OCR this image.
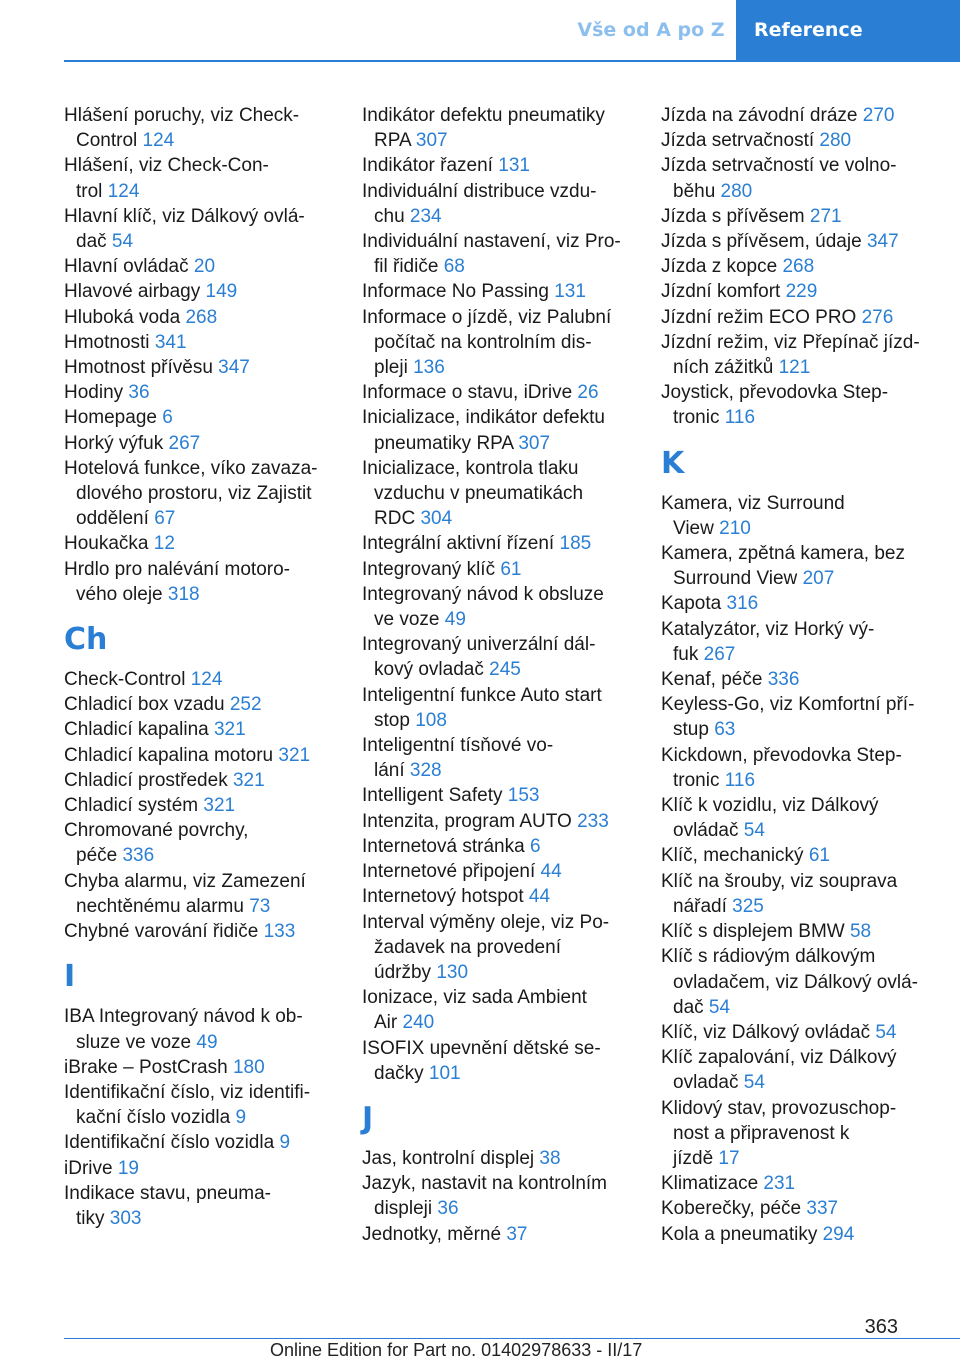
Vše od A po Z	Reference
Hlášení poruchy, viz Check-
Control 124
Hlášení, viz Check-Con-
trol 124
Hlavní klíč, viz Dálkový ovlá-
dač 54
Hlavní ovládač 20
Hlavové airbagy 149
Hluboká voda 268
Hmotnosti 341
Hmotnost přívěsu 347
Hodiny 36
Homepage 6
Horký výfuk 267
Hotelová funkce, víko zavaza-
dlového prostoru, viz Zajistit
oddělení 67
Houkačka 12
Hrdlo pro nalévání motoro-
vého oleje 318
Ch
Check-Control 124
Chladicí box vzadu 252
Chladicí kapalina 321
Chladicí kapalina motoru 321
Chladicí prostředek 321
Chladicí systém 321
Chromované povrchy,
péče 336
Chyba alarmu, viz Zamezení
nechtěnému alarmu 73
Chybné varování řidiče 133
I
IBA Integrovaný návod k ob-
sluze ve voze 49
iBrake – PostCrash 180
Identifikační číslo, viz identifi-
kační číslo vozidla 9
Identifikační číslo vozidla 9
iDrive 19
Indikace stavu, pneuma-
tiky 303
Indikátor defektu pneumatiky
RPA 307
Indikátor řazení 131
Individuální distribuce vzdu-
chu 234
Individuální nastavení, viz Pro-
fil řidiče 68
Informace No Passing 131
Informace o jízdě, viz Palubní
počítač na kontrolním dis-
pleji 136
Informace o stavu, iDrive 26
Inicializace, indikátor defektu
pneumatiky RPA 307
Inicializace, kontrola tlaku
vzduchu v pneumatikách
RDC 304
Integrální aktivní řízení 185
Integrovaný klíč 61
Integrovaný návod k obsluze
ve voze 49
Integrovaný univerzální dál-
kový ovladač 245
Inteligentní funkce Auto start
stop 108
Inteligentní tísňové vo-
lání 328
Intelligent Safety 153
Intenzita, program AUTO 233
Internetová stránka 6
Internetové připojení 44
Internetový hotspot 44
Interval výměny oleje, viz Po-
žadavek na provedení
údržby 130
Ionizace, viz sada Ambient
Air 240
ISOFIX upevnění dětské se-
dačky 101
J
Jas, kontrolní displej 38
Jazyk, nastavit na kontrolním
displeji 36
Jednotky, měrné 37
Jízda na závodní dráze 270
Jízda setrvačností 280
Jízda setrvačností ve volno-
běhu 280
Jízda s přívěsem 271
Jízda s přívěsem, údaje 347
Jízda z kopce 268
Jízdní komfort 229
Jízdní režim ECO PRO 276
Jízdní režim, viz Přepínač jízd-
ních zážitků 121
Joystick, převodovka Step-
tronic 116
K
Kamera, viz Surround
View 210
Kamera, zpětná kamera, bez
Surround View 207
Kapota 316
Katalyzátor, viz Horký vý-
fuk 267
Kenaf, péče 336
Keyless-Go, viz Komfortní pří-
stup 63
Kickdown, převodovka Step-
tronic 116
Klíč k vozidlu, viz Dálkový
ovládač 54
Klíč, mechanický 61
Klíč na šrouby, viz souprava
nářadí 325
Klíč s displejem BMW 58
Klíč s rádiovým dálkovým
ovladačem, viz Dálkový ovlá-
dač 54
Klíč, viz Dálkový ovládač 54
Klíč zapalování, viz Dálkový
ovladač 54
Klidový stav, provozuschop-
nost a připravenost k
jízdě 17
Klimatizace 231
Koberečky, péče 337
Kola a pneumatiky 294
363
Online Edition for Part no. 01402978633 - II/17
